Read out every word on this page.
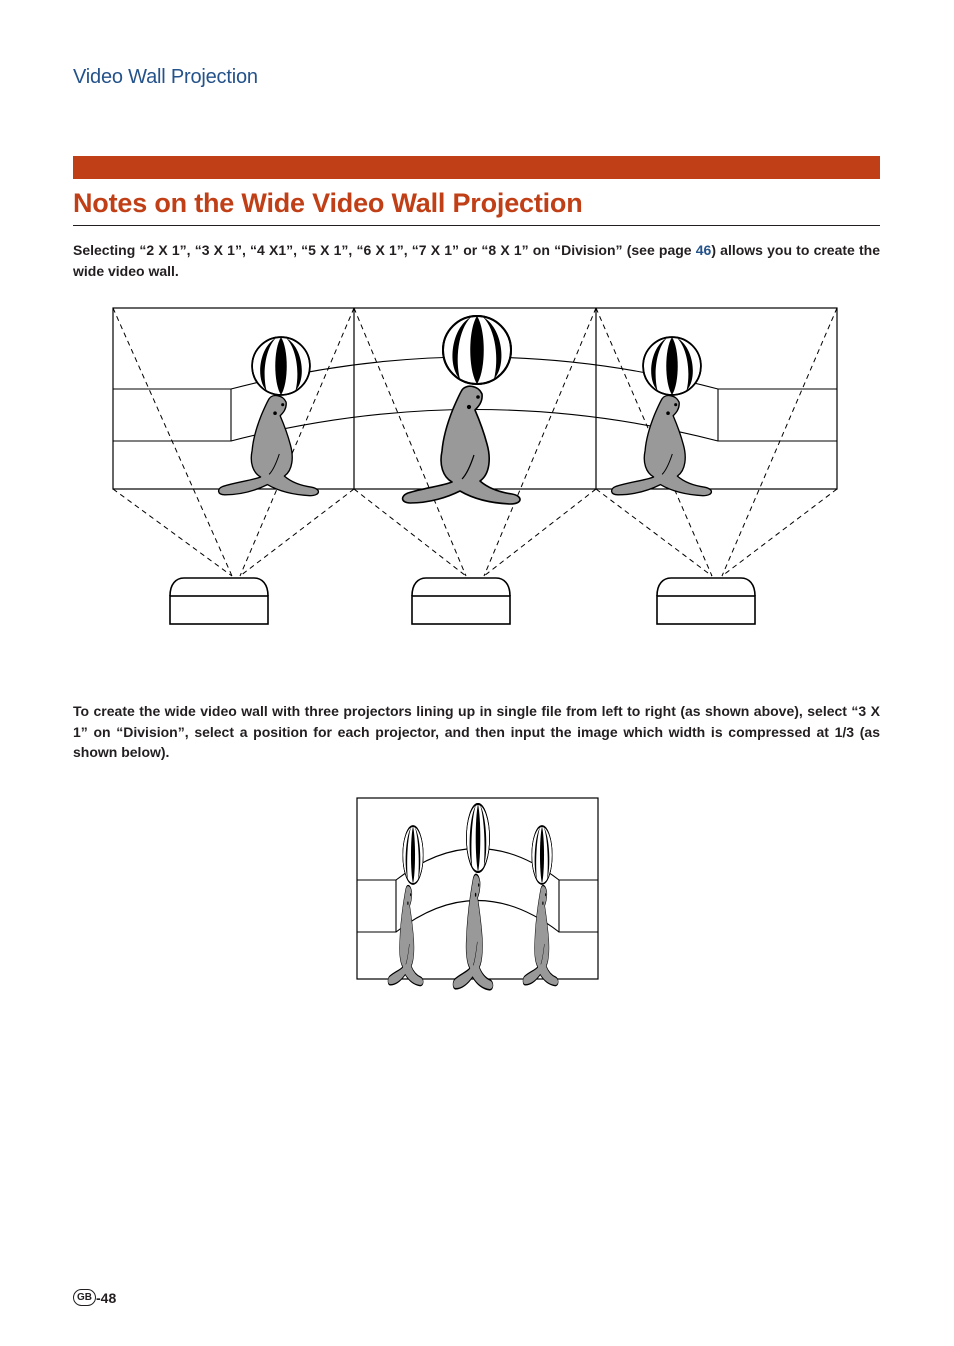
Video Wall Projection
Notes on the Wide Video Wall Projection

Selecting “2 X 1”, “3 X 1”, “4 X1”, “5 X 1”, “6 X 1”, “7 X 1” or “8 X 1” on “Division” (see page 46) allows you to create the wide video wall.

To create the wide video wall with three projectors lining up in single file from left to right (as shown above), select “3 X 1” on “Division”, select a position for each projector, and then input the image which width is compressed at 1/3 (as shown below).

GB -48
